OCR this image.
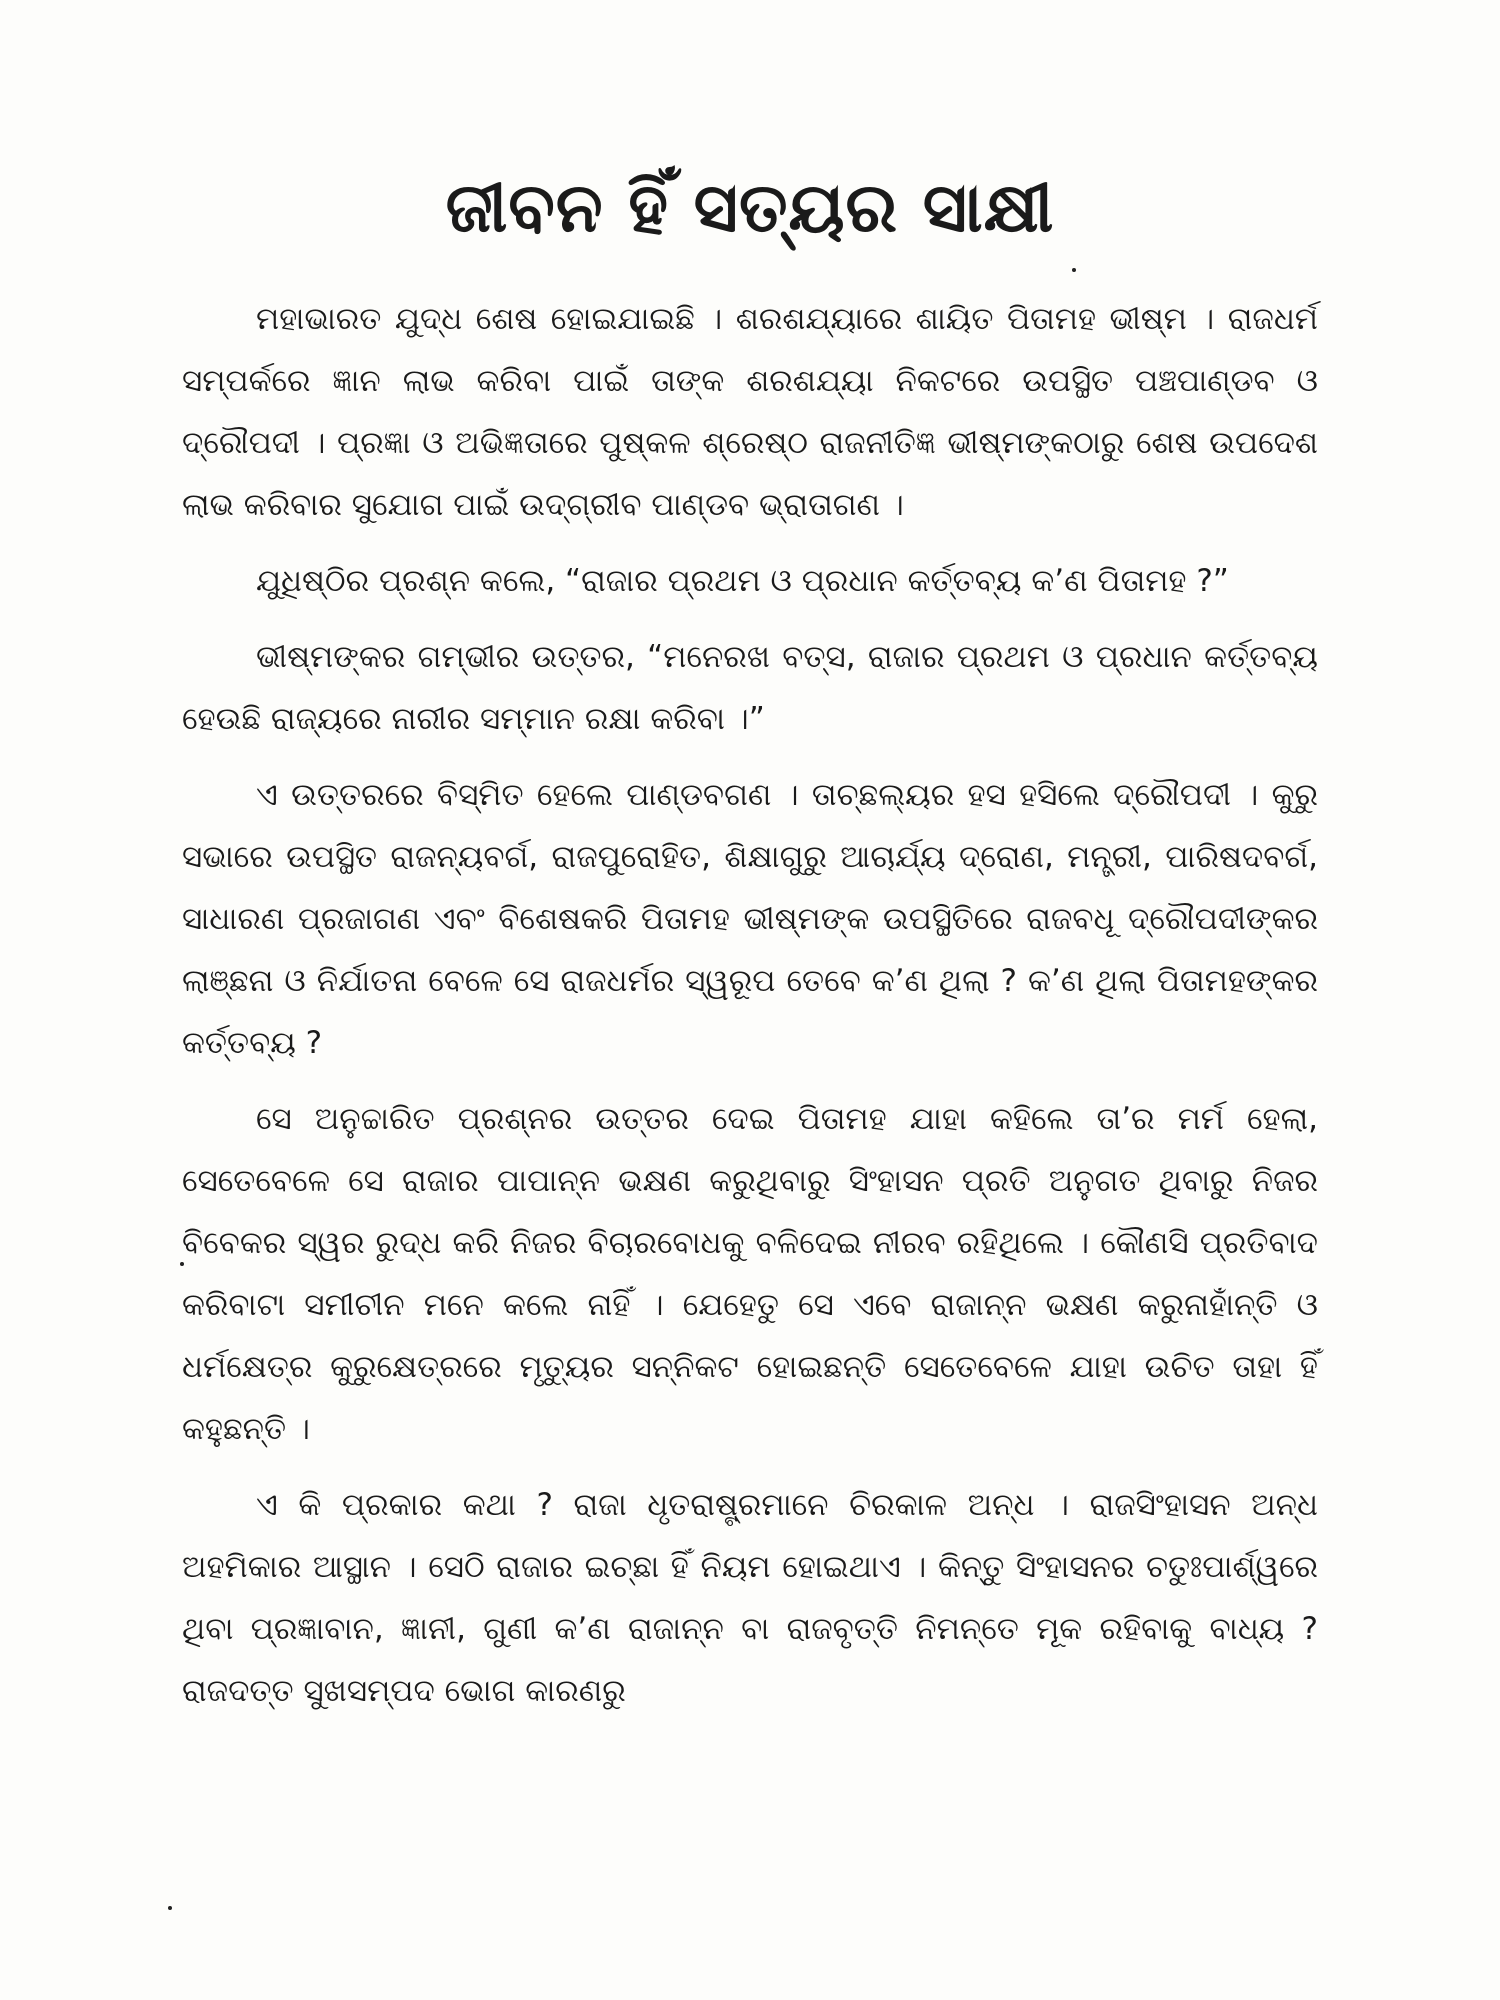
ଜୀବନ ହିଁ ସତ୍ୟର ସାକ୍ଷୀ

ମହାଭାରତ ଯୁଦ୍ଧ ଶେଷ ହୋଇଯାଇଛି । ଶରଶଯ୍ୟାରେ ଶାୟିତ ପିତାମହ ଭୀଷ୍ମ । ରାଜଧର୍ମ ସମ୍ପର୍କରେ ଜ୍ଞାନ ଲାଭ କରିବା ପାଇଁ ତାଙ୍କ ଶରଶଯ୍ୟା ନିକଟରେ ଉପସ୍ଥିତ ପଞ୍ଚପାଣ୍ଡବ ଓ ଦ୍ରୌପଦୀ । ପ୍ରଜ୍ଞା ଓ ଅଭିଜ୍ଞତାରେ ପୁଷ୍କଳ ଶ୍ରେଷ୍ଠ ରାଜନୀତିଜ୍ଞ ଭୀଷ୍ମଙ୍କଠାରୁ ଶେଷ ଉପଦେଶ ଲାଭ କରିବାର ସୁଯୋଗ ପାଇଁ ଉଦ୍‌ଗ୍ରୀବ ପାଣ୍ଡବ ଭ୍ରାତାଗଣ ।

ଯୁଧିଷ୍ଠିର ପ୍ରଶ୍ନ କଲେ, “ରାଜାର ପ୍ରଥମ ଓ ପ୍ରଧାନ କର୍ତ୍ତବ୍ୟ କ’ଣ ପିତାମହ ?”

ଭୀଷ୍ମଙ୍କର ଗମ୍ଭୀର ଉତ୍ତର, “ମନେରଖ ବତ୍ସ, ରାଜାର ପ୍ରଥମ ଓ ପ୍ରଧାନ କର୍ତ୍ତବ୍ୟ ହେଉଛି ରାଜ୍ୟରେ ନାରୀର ସମ୍ମାନ ରକ୍ଷା କରିବା ।”

ଏ ଉତ୍ତରରେ ବିସ୍ମିତ ହେଲେ ପାଣ୍ଡବଗଣ । ତାଚ୍ଛଲ୍ୟର ହସ ହସିଲେ ଦ୍ରୌପଦୀ । କୁରୁ ସଭାରେ ଉପସ୍ଥିତ ରାଜନ୍ୟବର୍ଗ, ରାଜପୁରୋହିତ, ଶିକ୍ଷାଗୁରୁ ଆଚାର୍ଯ୍ୟ ଦ୍ରୋଣ, ମନ୍ତ୍ରୀ, ପାରିଷଦବର୍ଗ, ସାଧାରଣ ପ୍ରଜାଗଣ ଏବଂ ବିଶେଷକରି ପିତାମହ ଭୀଷ୍ମଙ୍କ ଉପସ୍ଥିତିରେ ରାଜବଧୂ ଦ୍ରୌପଦୀଙ୍କର ଲାଞ୍ଛନା ଓ ନିର୍ଯାତନା ବେଳେ ସେ ରାଜଧର୍ମର ସ୍ୱରୂପ ତେବେ କ’ଣ ଥିଲା ? କ’ଣ ଥିଲା ପିତାମହଙ୍କର କର୍ତ୍ତବ୍ୟ ?

ସେ ଅନୁଚ୍ଚାରିତ ପ୍ରଶ୍ନର ଉତ୍ତର ଦେଇ ପିତାମହ ଯାହା କହିଲେ ତା’ର ମର୍ମ ହେଲା, ସେତେବେଳେ ସେ ରାଜାର ପାପାନ୍ନ ଭକ୍ଷଣ କରୁଥିବାରୁ ସିଂହାସନ ପ୍ରତି ଅନୁଗତ ଥିବାରୁ ନିଜର ବିବେକର ସ୍ୱର ରୁଦ୍ଧ କରି ନିଜର ବିଚାରବୋଧକୁ ବଳିଦେଇ ନୀରବ ରହିଥିଲେ । କୌଣସି ପ୍ରତିବାଦ କରିବାଟା ସମୀଚୀନ ମନେ କଲେ ନାହିଁ । ଯେହେତୁ ସେ ଏବେ ରାଜାନ୍ନ ଭକ୍ଷଣ କରୁନାହାଁନ୍ତି ଓ ଧର୍ମକ୍ଷେତ୍ର କୁରୁକ୍ଷେତ୍ରରେ ମୃତ୍ୟୁର ସନ୍ନିକଟ ହୋଇଛନ୍ତି ସେତେବେଳେ ଯାହା ଉଚିତ ତାହା ହିଁ କହୁଛନ୍ତି ।

ଏ କି ପ୍ରକାର କଥା ? ରାଜା ଧୃତରାଷ୍ଟ୍ରମାନେ ଚିରକାଳ ଅନ୍ଧ । ରାଜସିଂହାସନ ଅନ୍ଧ ଅହମିକାର ଆସ୍ଥାନ । ସେଠି ରାଜାର ଇଚ୍ଛା ହିଁ ନିୟମ ହୋଇଥାଏ । କିନ୍ତୁ ସିଂହାସନର ଚତୁଃପାର୍ଶ୍ୱରେ ଥିବା ପ୍ରଜ୍ଞାବାନ, ଜ୍ଞାନୀ, ଗୁଣୀ କ’ଣ ରାଜାନ୍ନ ବା ରାଜବୃତ୍ତି ନିମନ୍ତେ ମୂକ ରହିବାକୁ ବାଧ୍ୟ ? ରାଜଦତ୍ତ ସୁଖସମ୍ପଦ ଭୋଗ କାରଣରୁ
